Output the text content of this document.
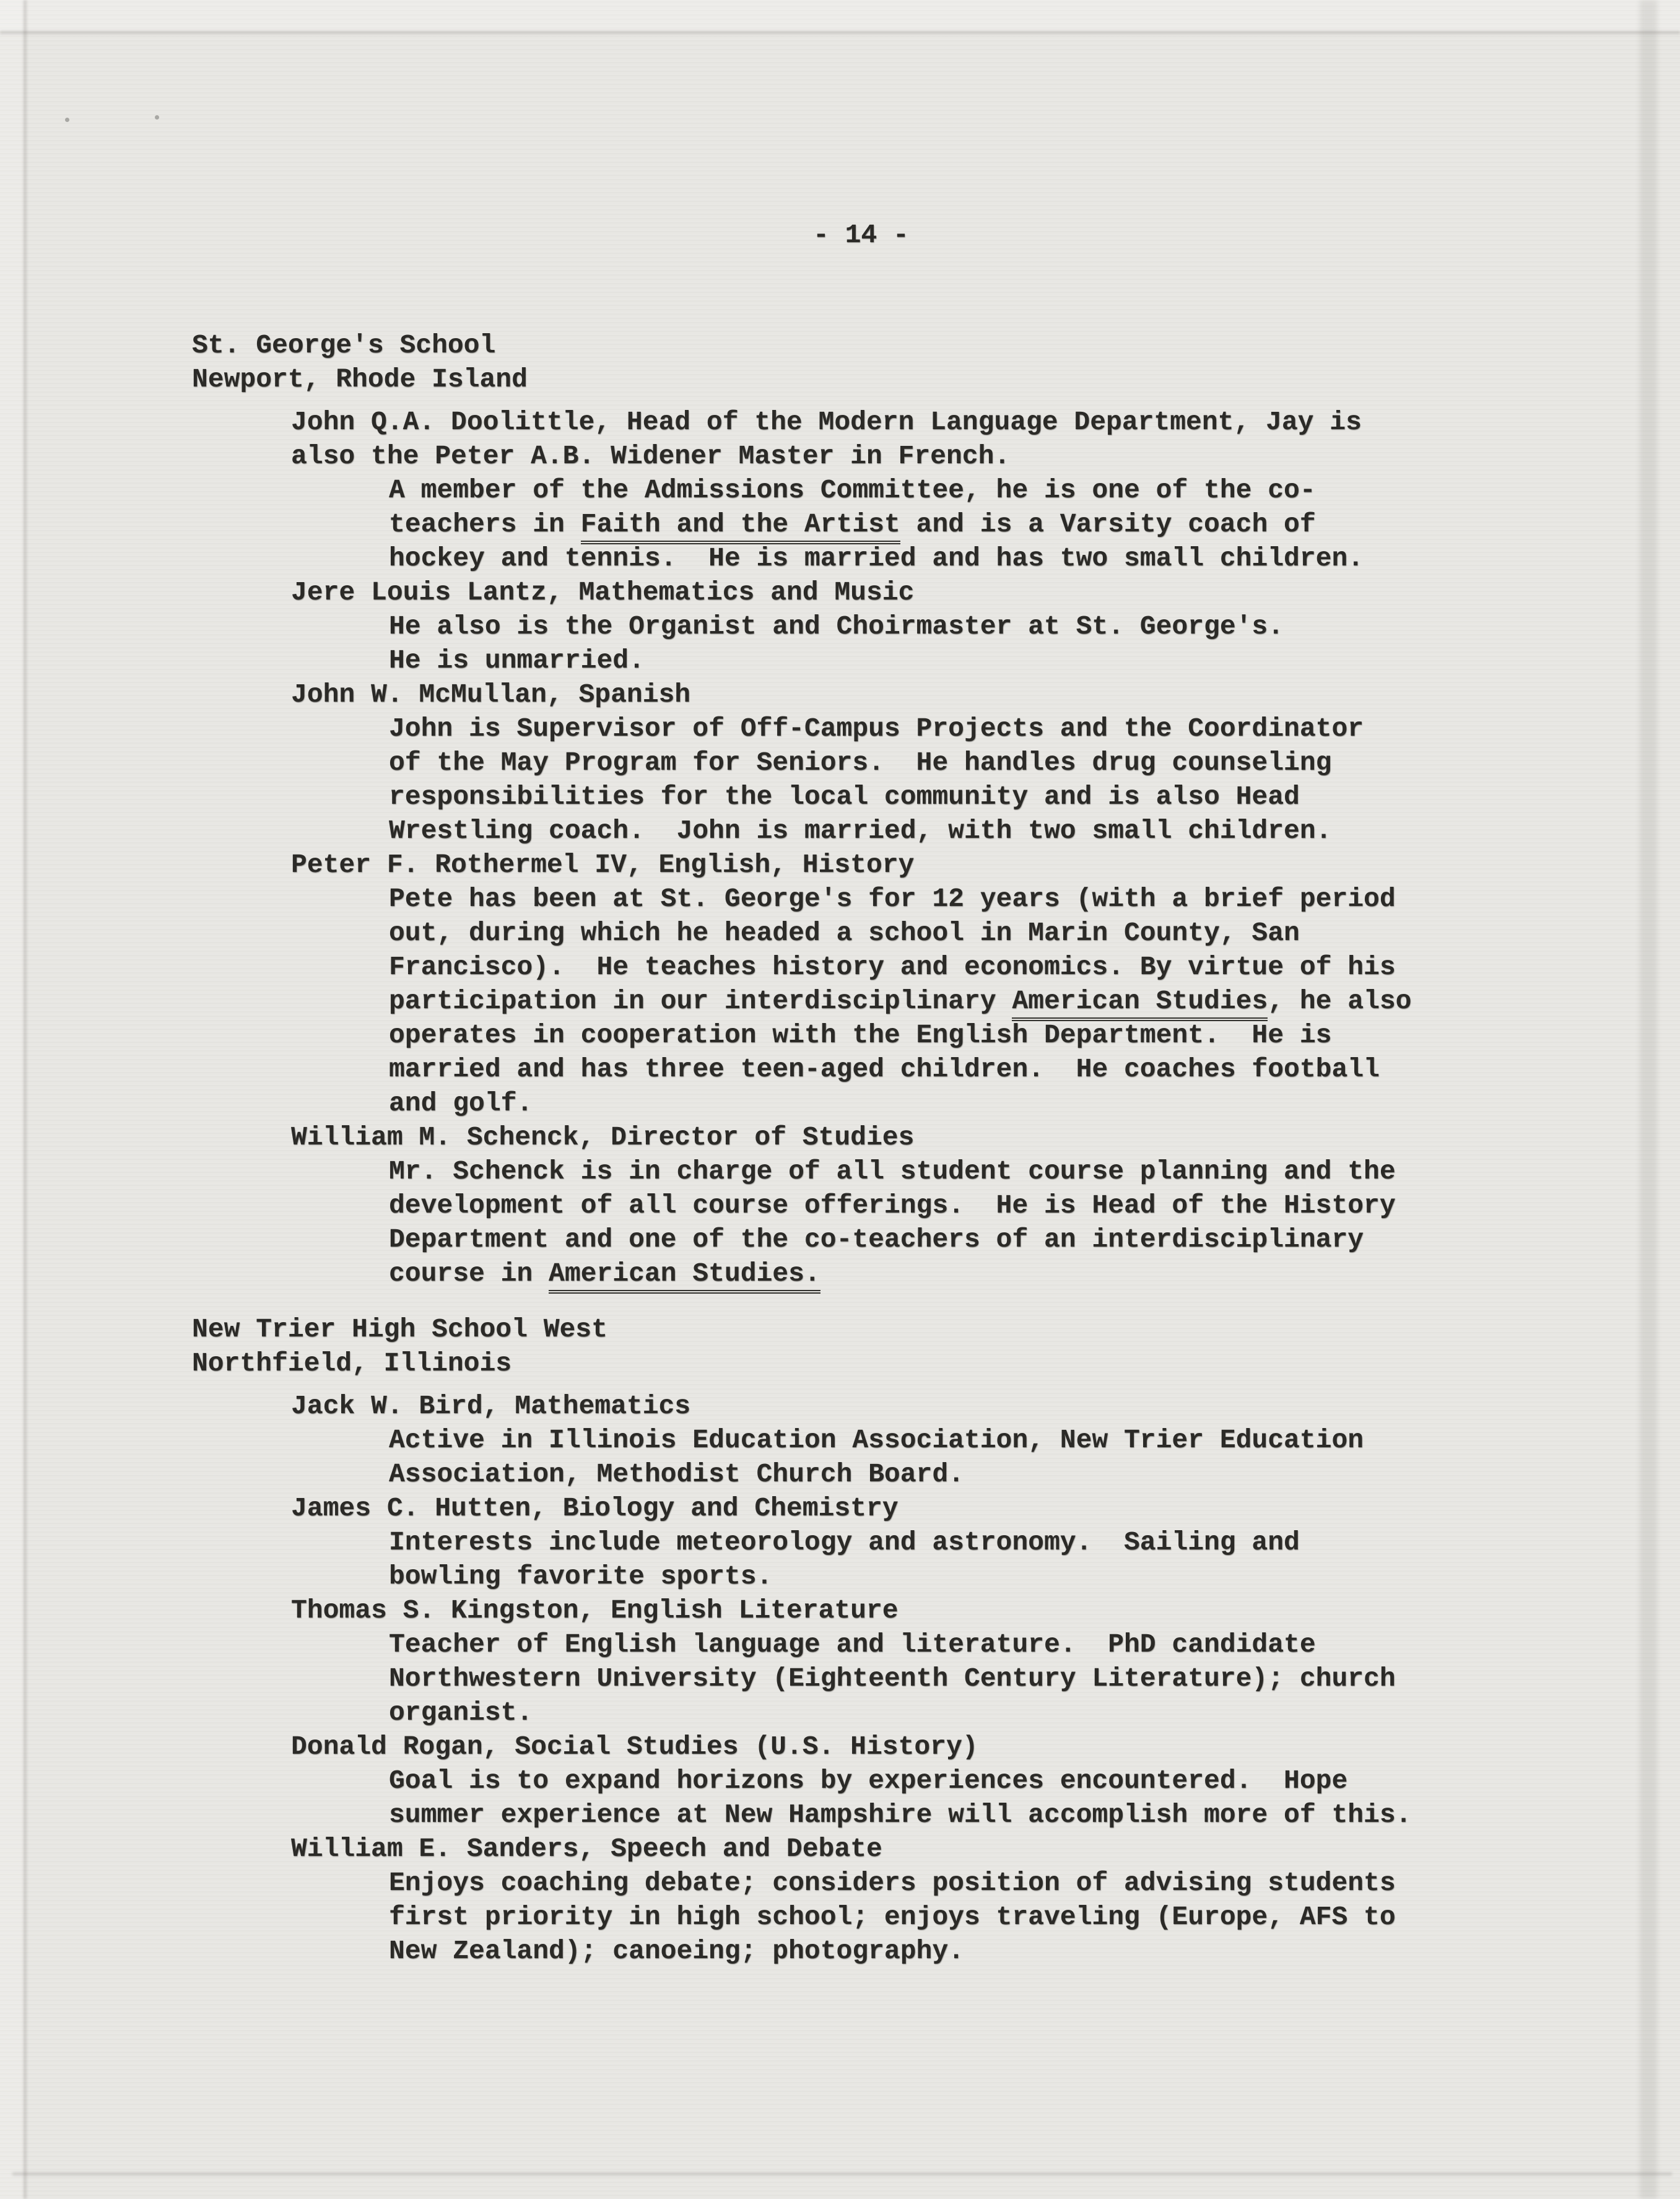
- 14 -
St. George's School
Newport, Rhode Island
John Q.A. Doolittle, Head of the Modern Language Department, Jay is
also the Peter A.B. Widener Master in French.
A member of the Admissions Committee, he is one of the co-
teachers in Faith and the Artist and is a Varsity coach of
hockey and tennis.  He is married and has two small children.
Jere Louis Lantz, Mathematics and Music
He also is the Organist and Choirmaster at St. George's.
He is unmarried.
John W. McMullan, Spanish
John is Supervisor of Off-Campus Projects and the Coordinator
of the May Program for Seniors.  He handles drug counseling
responsibilities for the local community and is also Head
Wrestling coach.  John is married, with two small children.
Peter F. Rothermel IV, English, History
Pete has been at St. George's for 12 years (with a brief period
out, during which he headed a school in Marin County, San
Francisco).  He teaches history and economics. By virtue of his
participation in our interdisciplinary American Studies, he also
operates in cooperation with the English Department.  He is
married and has three teen-aged children.  He coaches football
and golf.
William M. Schenck, Director of Studies
Mr. Schenck is in charge of all student course planning and the
development of all course offerings.  He is Head of the History
Department and one of the co-teachers of an interdisciplinary
course in American Studies.
New Trier High School West
Northfield, Illinois
Jack W. Bird, Mathematics
Active in Illinois Education Association, New Trier Education
Association, Methodist Church Board.
James C. Hutten, Biology and Chemistry
Interests include meteorology and astronomy.  Sailing and
bowling favorite sports.
Thomas S. Kingston, English Literature
Teacher of English language and literature.  PhD candidate
Northwestern University (Eighteenth Century Literature); church
organist.
Donald Rogan, Social Studies (U.S. History)
Goal is to expand horizons by experiences encountered.  Hope
summer experience at New Hampshire will accomplish more of this.
William E. Sanders, Speech and Debate
Enjoys coaching debate; considers position of advising students
first priority in high school; enjoys traveling (Europe, AFS to
New Zealand); canoeing; photography.
